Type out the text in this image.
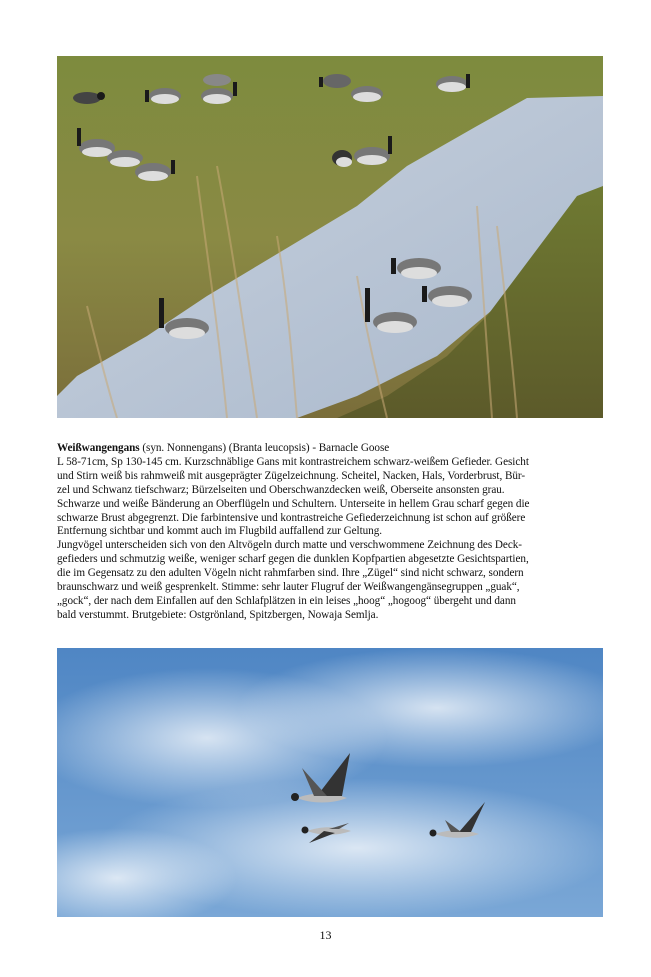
Weißwangengans (syn. Nonnengans) (Branta leucopsis) - Barnacle Goose

L 58-71cm, Sp 130-145 cm. Kurzschnäblige Gans mit kontrastreichem schwarz-weißem Gefieder. Gesicht

und Stirn weiß bis rahmweiß mit ausgeprägter Zügelzeichnung. Scheitel, Nacken, Hals, Vorderbrust, Bür-

zel und Schwanz tiefschwarz; Bürzelseiten und Oberschwanzdecken weiß, Oberseite ansonsten grau.

Schwarze und weiße Bänderung an Oberflügeln und Schultern. Unterseite in hellem Grau scharf gegen die

schwarze Brust abgegrenzt. Die farbintensive und kontrastreiche Gefiederzeichnung ist schon auf größere

Entfernung sichtbar und kommt auch im Flugbild auffallend zur Geltung.

Jungvögel unterscheiden sich von den Altvögeln durch matte und verschwommene Zeichnung des Deck-

gefieders und schmutzig weiße, weniger scharf gegen die dunklen Kopfpartien abgesetzte Gesichtspartien,

die im Gegensatz zu den adulten Vögeln nicht rahmfarben sind. Ihre „Zügel“ sind nicht schwarz, sondern

braunschwarz und weiß gesprenkelt. Stimme: sehr lauter Flugruf der Weißwangengänsegruppen „guak“,

„gock“, der nach dem Einfallen auf den Schlafplätzen in ein leises „hoog“ „hogoog“ übergeht und dann

bald verstummt. Brutgebiete: Ostgrönland, Spitzbergen, Nowaja Semlja.

13
